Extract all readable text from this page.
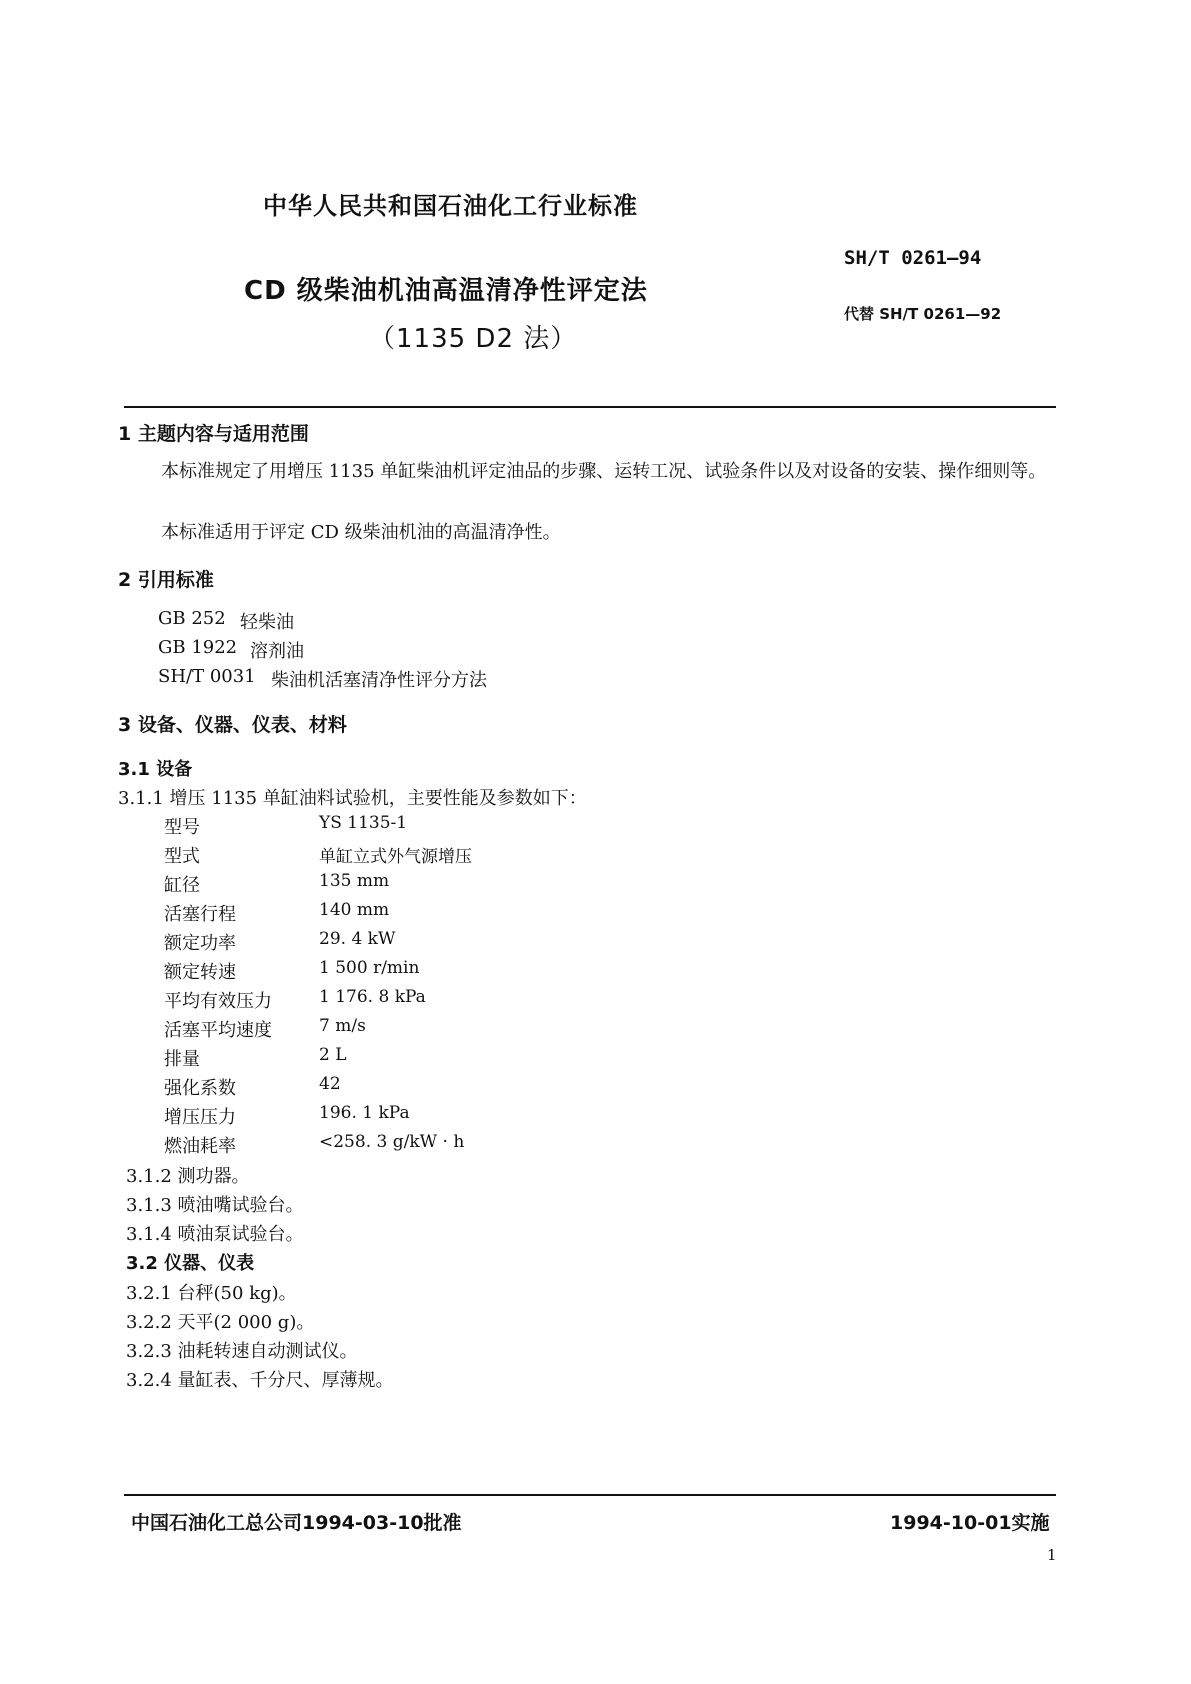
中华人民共和国石油化工行业标准
SH/T 0261—94
CD 级柴油机油高温清净性评定法
代替 SH/T 0261—92
（1135 D2 法）
1 主题内容与适用范围
本标准规定了用增压 1135 单缸柴油机评定油品的步骤、运转工况、试验条件以及对设备的安装、操作细则等。
本标准适用于评定 CD 级柴油机油的高温清净性。
2 引用标准
GB 252 轻柴油
GB 1922 溶剂油
SH/T 0031 柴油机活塞清净性评分方法
3 设备、仪器、仪表、材料
3.1 设备
3.1.1 增压 1135 单缸油料试验机，主要性能及参数如下：
型号	YS 1135-1
型式	单缸立式外气源增压
缸径	135 mm
活塞行程	140 mm
额定功率	29. 4 kW
额定转速	1 500 r/min
平均有效压力	1 176. 8 kPa
活塞平均速度	7 m/s
排量	2 L
强化系数	42
增压压力	196. 1 kPa
燃油耗率	<258. 3 g/kW · h
3.1.2 测功器。
3.1.3 喷油嘴试验台。
3.1.4 喷油泵试验台。
3.2 仪器、仪表
3.2.1 台秤(50 kg)。
3.2.2 天平(2 000 g)。
3.2.3 油耗转速自动测试仪。
3.2.4 量缸表、千分尺、厚薄规。
中国石油化工总公司1994-03-10批准	1994-10-01实施
1
